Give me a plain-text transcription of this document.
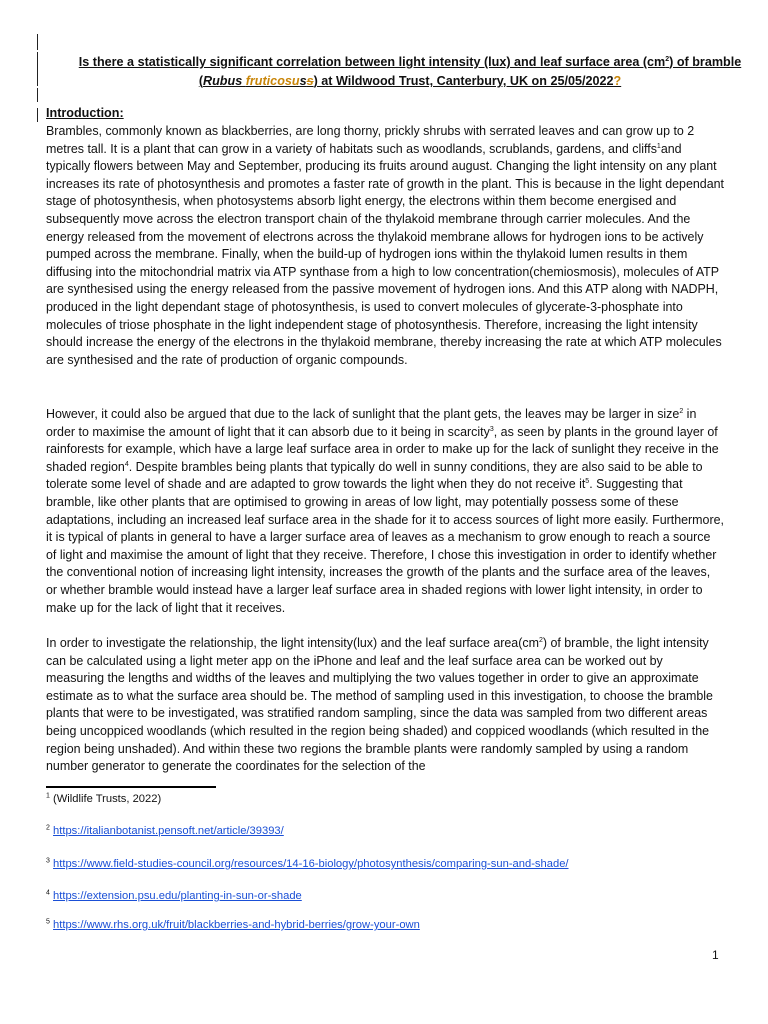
Is there a statistically significant correlation between light intensity (lux) and leaf surface area $(cm^2)$ of bramble (Rubus fruticosuss) at Wildwood Trust, Canterbury, UK on 25/05/2022?
Introduction:

Brambles, commonly known as blackberries, are long thorny, prickly shrubs with serrated leaves and can grow up to 2 metres tall. It is a plant that can grow in a variety of habitats such as woodlands, scrublands, gardens, and cliffs$^1$and typically flowers between May and September, producing its fruits around august. Changing the light intensity on any plant increases its rate of photosynthesis and promotes a faster rate of growth in the plant. This is because in the light dependant stage of photosynthesis, when photosystems absorb light energy, the electrons within them become energised and subsequently move across the electron transport chain of the thylakoid membrane through carrier molecules. And the energy released from the movement of electrons across the thylakoid membrane allows for hydrogen ions to be actively pumped across the membrane. Finally, when the build-up of hydrogen ions within the thylakoid lumen results in them diffusing into the mitochondrial matrix via ATP synthase from a high to low concentration(chemiosmosis), molecules of ATP are synthesised using the energy released from the passive movement of hydrogen ions. And this ATP along with NADPH, produced in the light dependant stage of photosynthesis, is used to convert molecules of glycerate-3-phosphate into molecules of triose phosphate in the light independent stage of photosynthesis. Therefore, increasing the light intensity should increase the energy of the electrons in the thylakoid membrane, thereby increasing the rate at which ATP molecules are synthesised and the rate of production of organic compounds.

However, it could also be argued that due to the lack of sunlight that the plant gets, the leaves may be larger in size$^2$ in order to maximise the amount of light that it can absorb due to it being in scarcity$^3$, as seen by plants in the ground layer of rainforests for example, which have a large leaf surface area in order to make up for the lack of sunlight they receive in the shaded region$^4$. Despite brambles being plants that typically do well in sunny conditions, they are also said to be able to tolerate some level of shade and are adapted to grow towards the light when they do not receive $it^5$. Suggesting that bramble, like other plants that are optimised to growing in areas of low light, may potentially possess some of these adaptations, including an increased leaf surface area in the shade for it to access sources of light more easily. Furthermore, it is typical of plants in general to have a larger surface area of leaves as a mechanism to grow enough to reach a source of light and maximise the amount of light that they receive. Therefore, I chose this investigation in order to identify whether the conventional notion of increasing light intensity, increases the growth of the plants and the surface area of the leaves, or whether bramble would instead have a larger leaf surface area in shaded regions with lower light intensity, in order to make up for the lack of light that it receives.

In order to investigate the relationship, the light intensity(lux) and the leaf surface $area(cm^2)$ of bramble, the light intensity can be calculated using a light meter app on the iPhone and leaf and the leaf surface area can be worked out by measuring the lengths and widths of the leaves and multiplying the two values together in order to give an approximate estimate as to what the surface area should be. The method of sampling used in this investigation, to choose the bramble plants that were to be investigated, was stratified random sampling, since the data was sampled from two different areas being uncoppiced woodlands (which resulted in the region being shaded) and coppiced woodlands (which resulted in the region being unshaded). And within these two regions the bramble plants were randomly sampled by using a random number generator to generate the coordinates for the selection of the

$^1$ (Wildlife Trusts, 2022)
$^2$ https://italianbotanist.pensoft.net/article/39393/
$^3$ https://www.field-studies-council.org/resources/14-16-biology/photosynthesis/comparing-sun-and-shade/
$^4$ https://extension.psu.edu/planting-in-sun-or-shade
$^5$ https://www.rhs.org.uk/fruit/blackberries-and-hybrid-berries/grow-your-own
1
